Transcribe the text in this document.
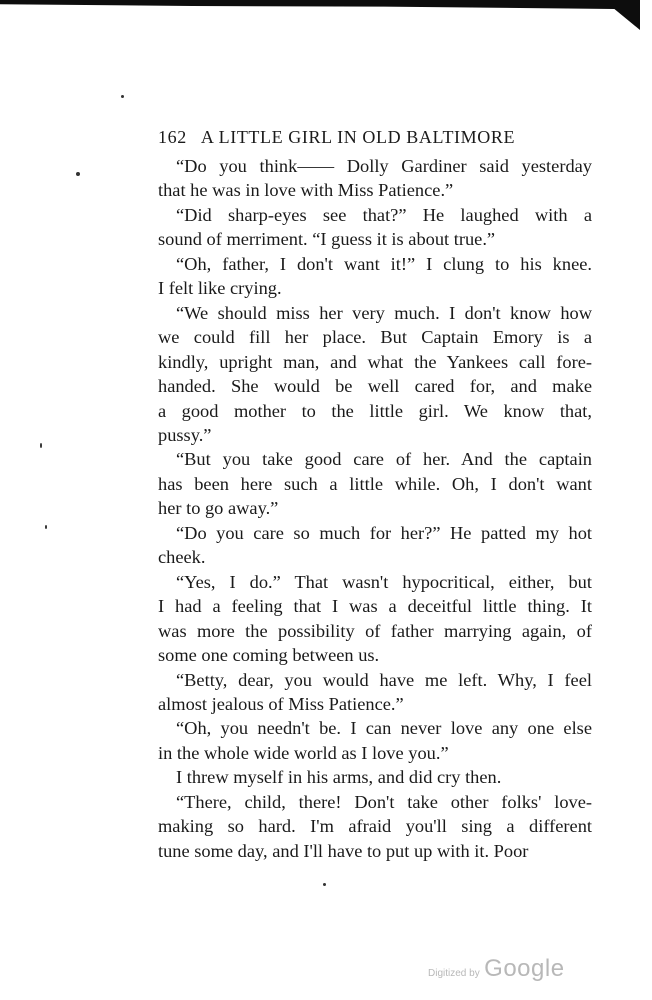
162 A LITTLE GIRL IN OLD BALTIMORE

“Do you think—— Dolly Gardiner said yesterday
that he was in love with Miss Patience.”

“Did sharp-eyes see that?” He laughed with a
sound of merriment. “I guess it is about true.”

“Oh, father, I don't want it!” I clung to his knee.
I felt like crying.

“We should miss her very much. I don't know how
we could fill her place. But Captain Emory is a
kindly, upright man, and what the Yankees call fore-
handed. She would be well cared for, and make
a good mother to the little girl. We know that,
pussy.”

“But you take good care of her. And the captain
has been here such a little while. Oh, I don't want
her to go away.”

“Do you care so much for her?” He patted my hot
cheek.

“Yes, I do.” That wasn't hypocritical, either, but
I had a feeling that I was a deceitful little thing. It
was more the possibility of father marrying again, of
some one coming between us.

“Betty, dear, you would have me left. Why, I feel
almost jealous of Miss Patience.”

“Oh, you needn't be. I can never love any one else
in the whole wide world as I love you.”

I threw myself in his arms, and did cry then.

“There, child, there! Don't take other folks' love-
making so hard. I'm afraid you'll sing a different
tune some day, and I'll have to put up with it. Poor

Digitized by Google
